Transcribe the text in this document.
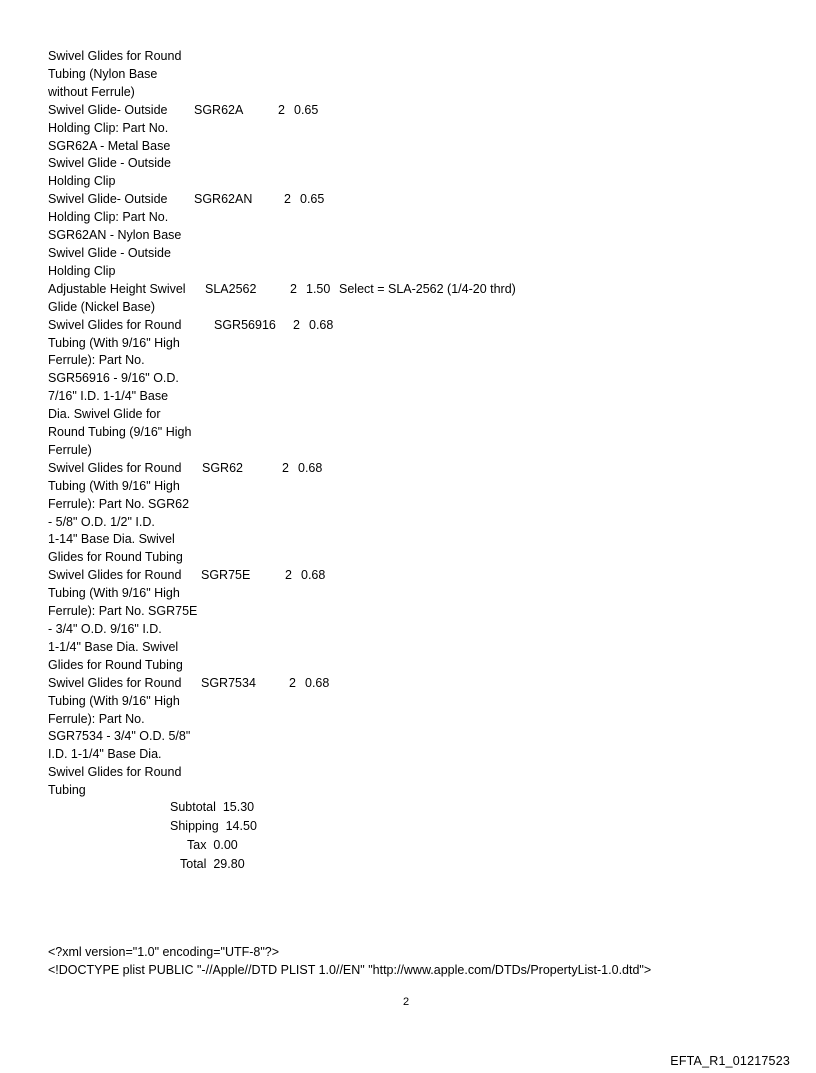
Swivel Glides for Round
Tubing (Nylon Base
without Ferrule)
Swivel Glide- Outside
Holding Clip: Part No.
SGR62A - Metal Base
Swivel Glide - Outside
Holding Clip
SGR62A	2 0.65
Swivel Glide- Outside
Holding Clip: Part No.
SGR62AN - Nylon Base
Swivel Glide - Outside
Holding Clip
SGR62AN	2 0.65
Adjustable Height Swivel
Glide (Nickel Base)
SLA2562	2 1.50 Select = SLA-2562 (1/4-20 thrd)
Swivel Glides for Round
Tubing (With 9/16" High
Ferrule): Part No.
SGR56916 - 9/16" O.D.
7/16" I.D. 1-1/4" Base
Dia. Swivel Glide for
Round Tubing (9/16" High
Ferrule)
SGR56916 2 0.68
Swivel Glides for Round
Tubing (With 9/16" High
Ferrule): Part No. SGR62
- 5/8" O.D. 1/2" I.D.
1-14" Base Dia. Swivel
Glides for Round Tubing
SGR62	2 0.68
Swivel Glides for Round
Tubing (With 9/16" High
Ferrule): Part No. SGR75E
- 3/4" O.D. 9/16" I.D.
1-1/4" Base Dia. Swivel
Glides for Round Tubing
SGR75E	2 0.68
Swivel Glides for Round
Tubing (With 9/16" High
Ferrule): Part No.
SGR7534 - 3/4" O.D. 5/8"
I.D. 1-1/4" Base Dia.
Swivel Glides for Round
Tubing
SGR7534	2 0.68
Subtotal 15.30
Shipping 14.50
Tax 0.00
Total 29.80
<?xml version="1.0" encoding="UTF-8"?>
<!DOCTYPE plist PUBLIC "-//Apple//DTD PLIST 1.0//EN" "http://www.apple.com/DTDs/PropertyList-1.0.dtd">
2
EFTA_R1_01217523
